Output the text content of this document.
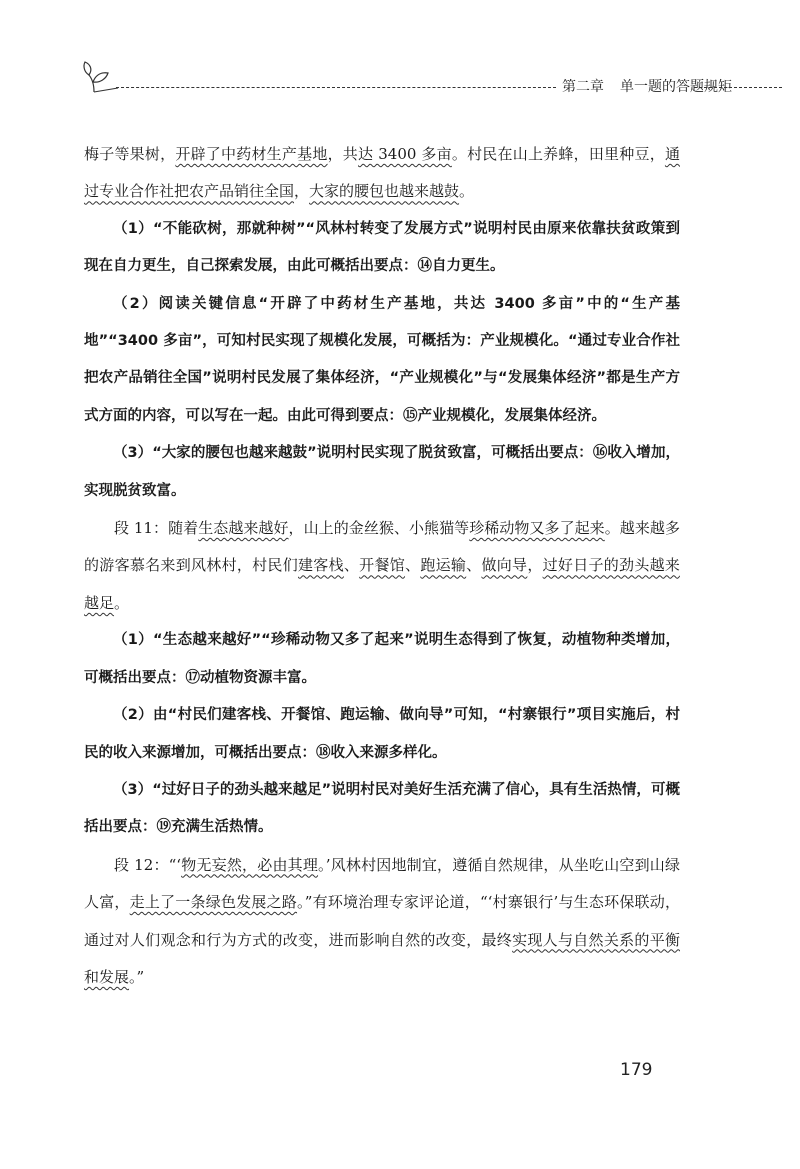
第二章 单一题的答题规矩

梅子等果树，开辟了中药材生产基地，共达 3400 多亩。村民在山上养蜂，田里种豆，通过专业合作社把农产品销往全国，大家的腰包也越来越鼓。

（1）“不能砍树，那就种树”“风林村转变了发展方式”说明村民由原来依靠扶贫政策到现在自力更生，自己探索发展，由此可概括出要点：⑭自力更生。

（2）阅读关键信息“开辟了中药材生产基地，共达 3400 多亩”中的“生产基地”“3400 多亩”，可知村民实现了规模化发展，可概括为：产业规模化。“通过专业合作社把农产品销往全国”说明村民发展了集体经济，“产业规模化”与“发展集体经济”都是生产方式方面的内容，可以写在一起。由此可得到要点：⑮产业规模化，发展集体经济。

（3）“大家的腰包也越来越鼓”说明村民实现了脱贫致富，可概括出要点：⑯收入增加，实现脱贫致富。

段 11：随着生态越来越好，山上的金丝猴、小熊猫等珍稀动物又多了起来。越来越多的游客慕名来到风林村，村民们建客栈、开餐馆、跑运输、做向导，过好日子的劲头越来越足。

（1）“生态越来越好”“珍稀动物又多了起来”说明生态得到了恢复，动植物种类增加，可概括出要点：⑰动植物资源丰富。

（2）由“村民们建客栈、开餐馆、跑运输、做向导”可知，“村寨银行”项目实施后，村民的收入来源增加，可概括出要点：⑱收入来源多样化。

（3）“过好日子的劲头越来越足”说明村民对美好生活充满了信心，具有生活热情，可概括出要点：⑲充满生活热情。

段 12：“‘物无妄然，必由其理。’风林村因地制宜，遵循自然规律，从坐吃山空到山绿人富，走上了一条绿色发展之路。”有环境治理专家评论道，“‘村寨银行’与生态环保联动，通过对人们观念和行为方式的改变，进而影响自然的改变，最终实现人与自然关系的平衡和发展。”

179
